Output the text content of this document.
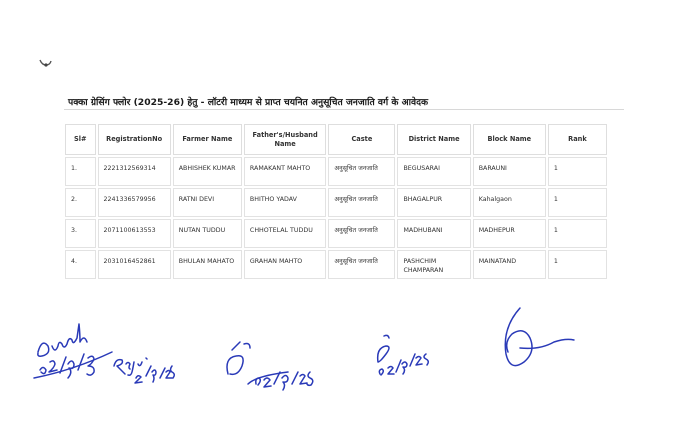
पक्का ग्रेसिंग फ्लोर (2025-26) हेतु - लॉटरी माध्यम से प्राप्त चयनित अनुसूचित जनजाति वर्ग के आवेदक
Sl#	RegistrationNo	Farmer Name	Father's/Husband Name	Caste	District Name	Block Name	Rank
1.	2221312569314	ABHISHEK KUMAR	RAMAKANT MAHTO	अनुसूचित जनजाति	BEGUSARAI	BARAUNI	1
2.	2241336579956	RATNI DEVI	BHITHO YADAV	अनुसूचित जनजाति	BHAGALPUR	Kahalgaon	1
3.	2071100613553	NUTAN TUDDU	CHHOTELAL TUDDU	अनुसूचित जनजाति	MADHUBANI	MADHEPUR	1
4.	2031016452861	BHULAN MAHATO	GRAHAN MAHTO	अनुसूचित जनजाति	PASHCHIM CHAMPARAN	MAINATAND	1
